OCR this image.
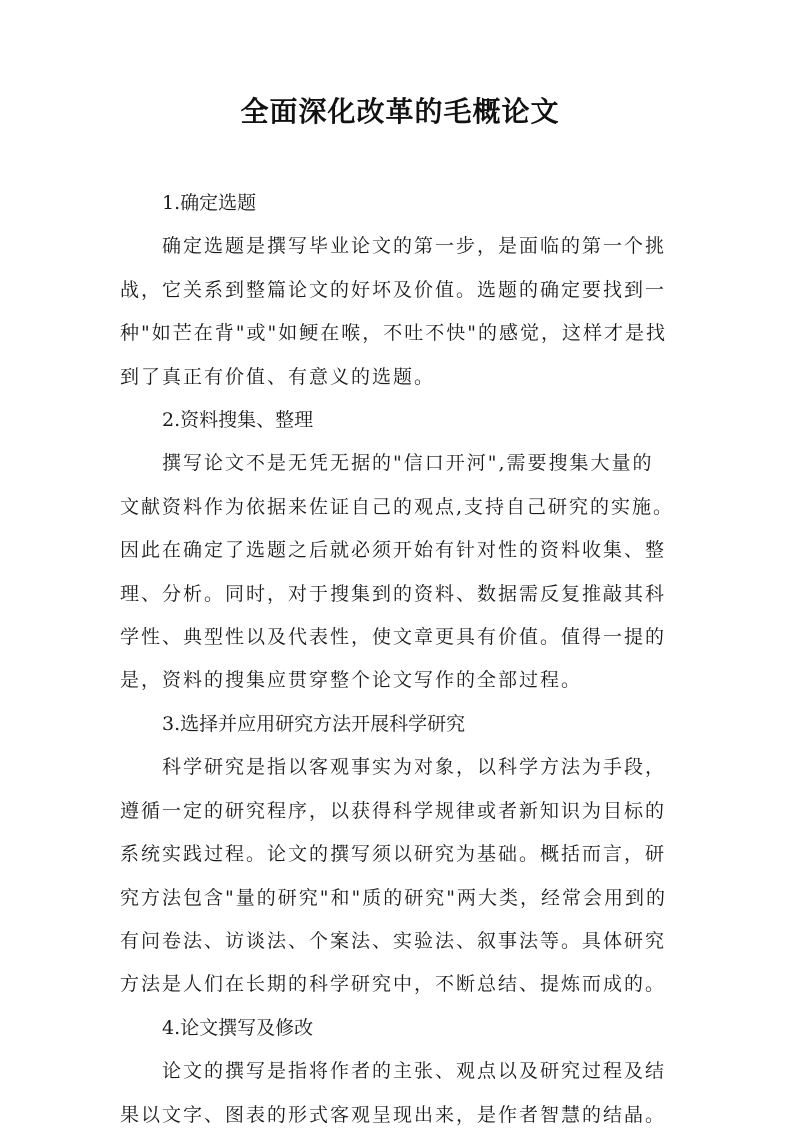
全面深化改革的毛概论文
1.确定选题
确定选题是撰写毕业论文的第一步，是面临的第一个挑
战，它关系到整篇论文的好坏及价值。选题的确定要找到一
种"如芒在背"或"如鲠在喉，不吐不快"的感觉，这样才是找
到了真正有价值、有意义的选题。
2.资料搜集、整理
撰写论文不是无凭无据的"信口开河",需要搜集大量的
文献资料作为依据来佐证自己的观点,支持自己研究的实施。
因此在确定了选题之后就必须开始有针对性的资料收集、整
理、分析。同时，对于搜集到的资料、数据需反复推敲其科
学性、典型性以及代表性，使文章更具有价值。值得一提的
是，资料的搜集应贯穿整个论文写作的全部过程。
3.选择并应用研究方法开展科学研究
科学研究是指以客观事实为对象，以科学方法为手段，
遵循一定的研究程序，以获得科学规律或者新知识为目标的
系统实践过程。论文的撰写须以研究为基础。概括而言，研
究方法包含"量的研究"和"质的研究"两大类，经常会用到的
有问卷法、访谈法、个案法、实验法、叙事法等。具体研究
方法是人们在长期的科学研究中，不断总结、提炼而成的。
4.论文撰写及修改
论文的撰写是指将作者的主张、观点以及研究过程及结
果以文字、图表的形式客观呈现出来，是作者智慧的结晶。
